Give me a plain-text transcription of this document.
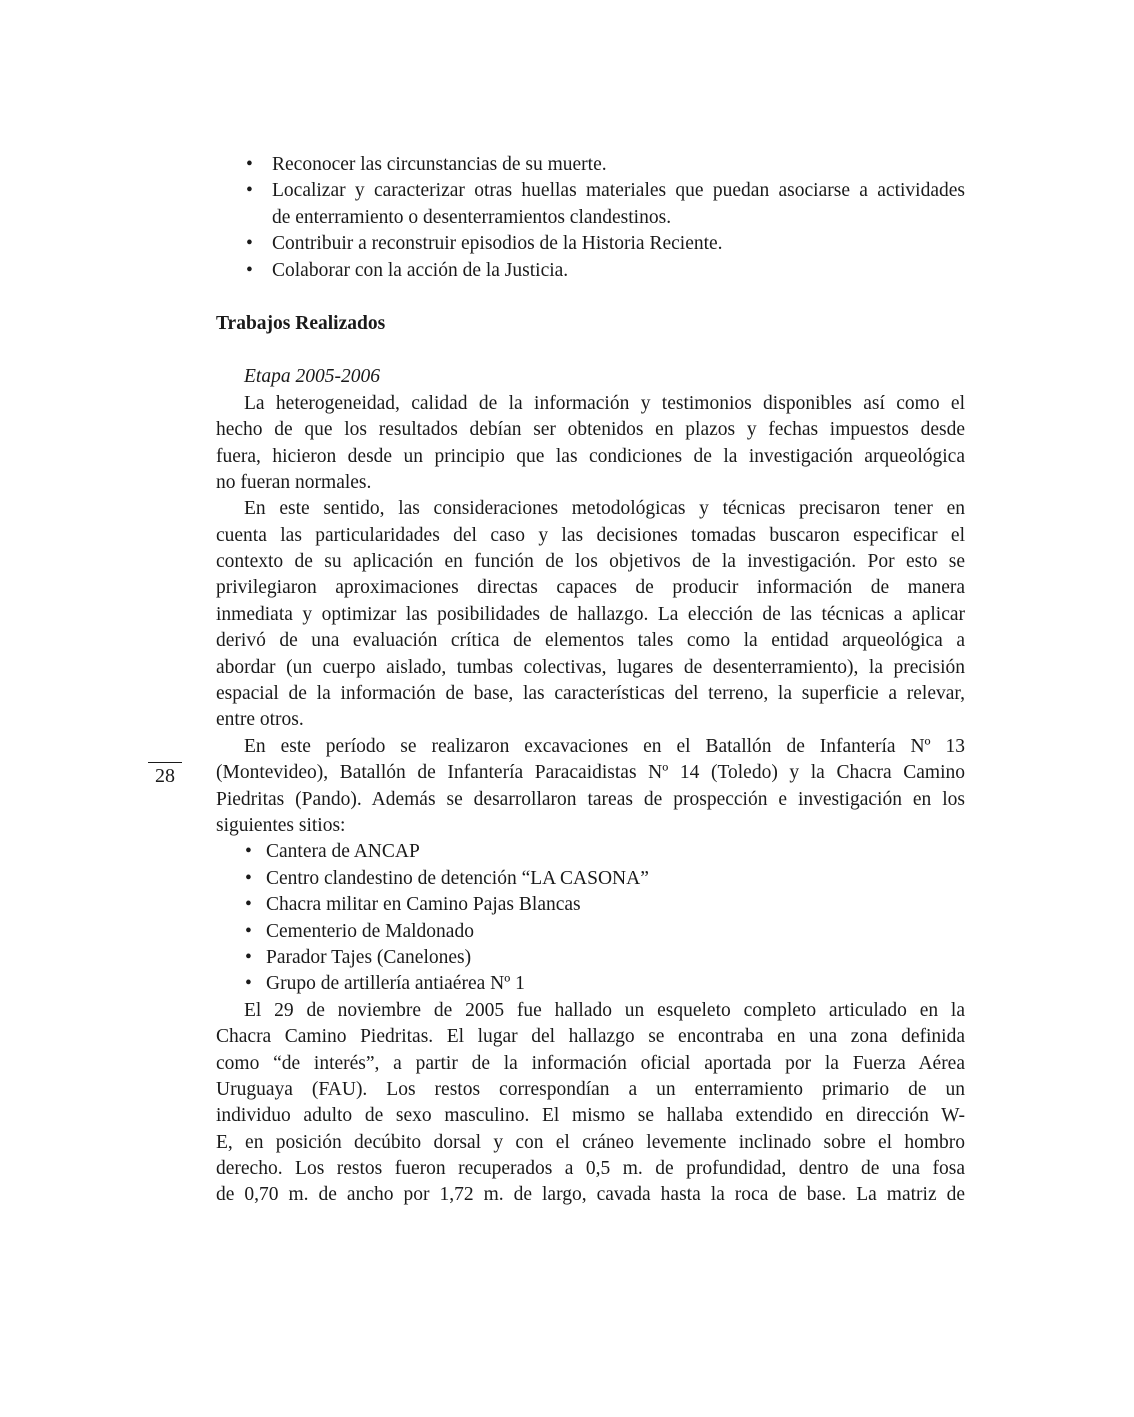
• Reconocer las circunstancias de su muerte.
• Localizar y caracterizar otras huellas materiales que puedan asociarse a actividades
de enterramiento o desenterramientos clandestinos.
• Contribuir a reconstruir episodios de la Historia Reciente.
• Colaborar con la acción de la Justicia.
Trabajos Realizados
Etapa 2005-2006
La heterogeneidad, calidad de la información y testimonios disponibles así como el
hecho de que los resultados debían ser obtenidos en plazos y fechas impuestos desde
fuera, hicieron desde un principio que las condiciones de la investigación arqueológica
no fueran normales.
En este sentido, las consideraciones metodológicas y técnicas precisaron tener en
cuenta las particularidades del caso y las decisiones tomadas buscaron especificar el
contexto de su aplicación en función de los objetivos de la investigación. Por esto se
privilegiaron aproximaciones directas capaces de producir información de manera
inmediata y optimizar las posibilidades de hallazgo. La elección de las técnicas a aplicar
derivó de una evaluación crítica de elementos tales como la entidad arqueológica a
abordar (un cuerpo aislado, tumbas colectivas, lugares de desenterramiento), la precisión
espacial de la información de base, las características del terreno, la superficie a relevar,
entre otros.
En este período se realizaron excavaciones en el Batallón de Infantería Nº 13
(Montevideo), Batallón de Infantería Paracaidistas Nº 14 (Toledo) y la Chacra Camino
Piedritas (Pando). Además se desarrollaron tareas de prospección e investigación en los
siguientes sitios:
• Cantera de ANCAP
• Centro clandestino de detención “LA CASONA”
• Chacra militar en Camino Pajas Blancas
• Cementerio de Maldonado
• Parador Tajes (Canelones)
• Grupo de artillería antiaérea Nº 1
El 29 de noviembre de 2005 fue hallado un esqueleto completo articulado en la
Chacra Camino Piedritas. El lugar del hallazgo se encontraba en una zona definida
como “de interés”, a partir de la información oficial aportada por la Fuerza Aérea
Uruguaya (FAU). Los restos correspondían a un enterramiento primario de un
individuo adulto de sexo masculino. El mismo se hallaba extendido en dirección W-
E, en posición decúbito dorsal y con el cráneo levemente inclinado sobre el hombro
derecho. Los restos fueron recuperados a 0,5 m. de profundidad, dentro de una fosa
de 0,70 m. de ancho por 1,72 m. de largo, cavada hasta la roca de base. La matriz de
28
